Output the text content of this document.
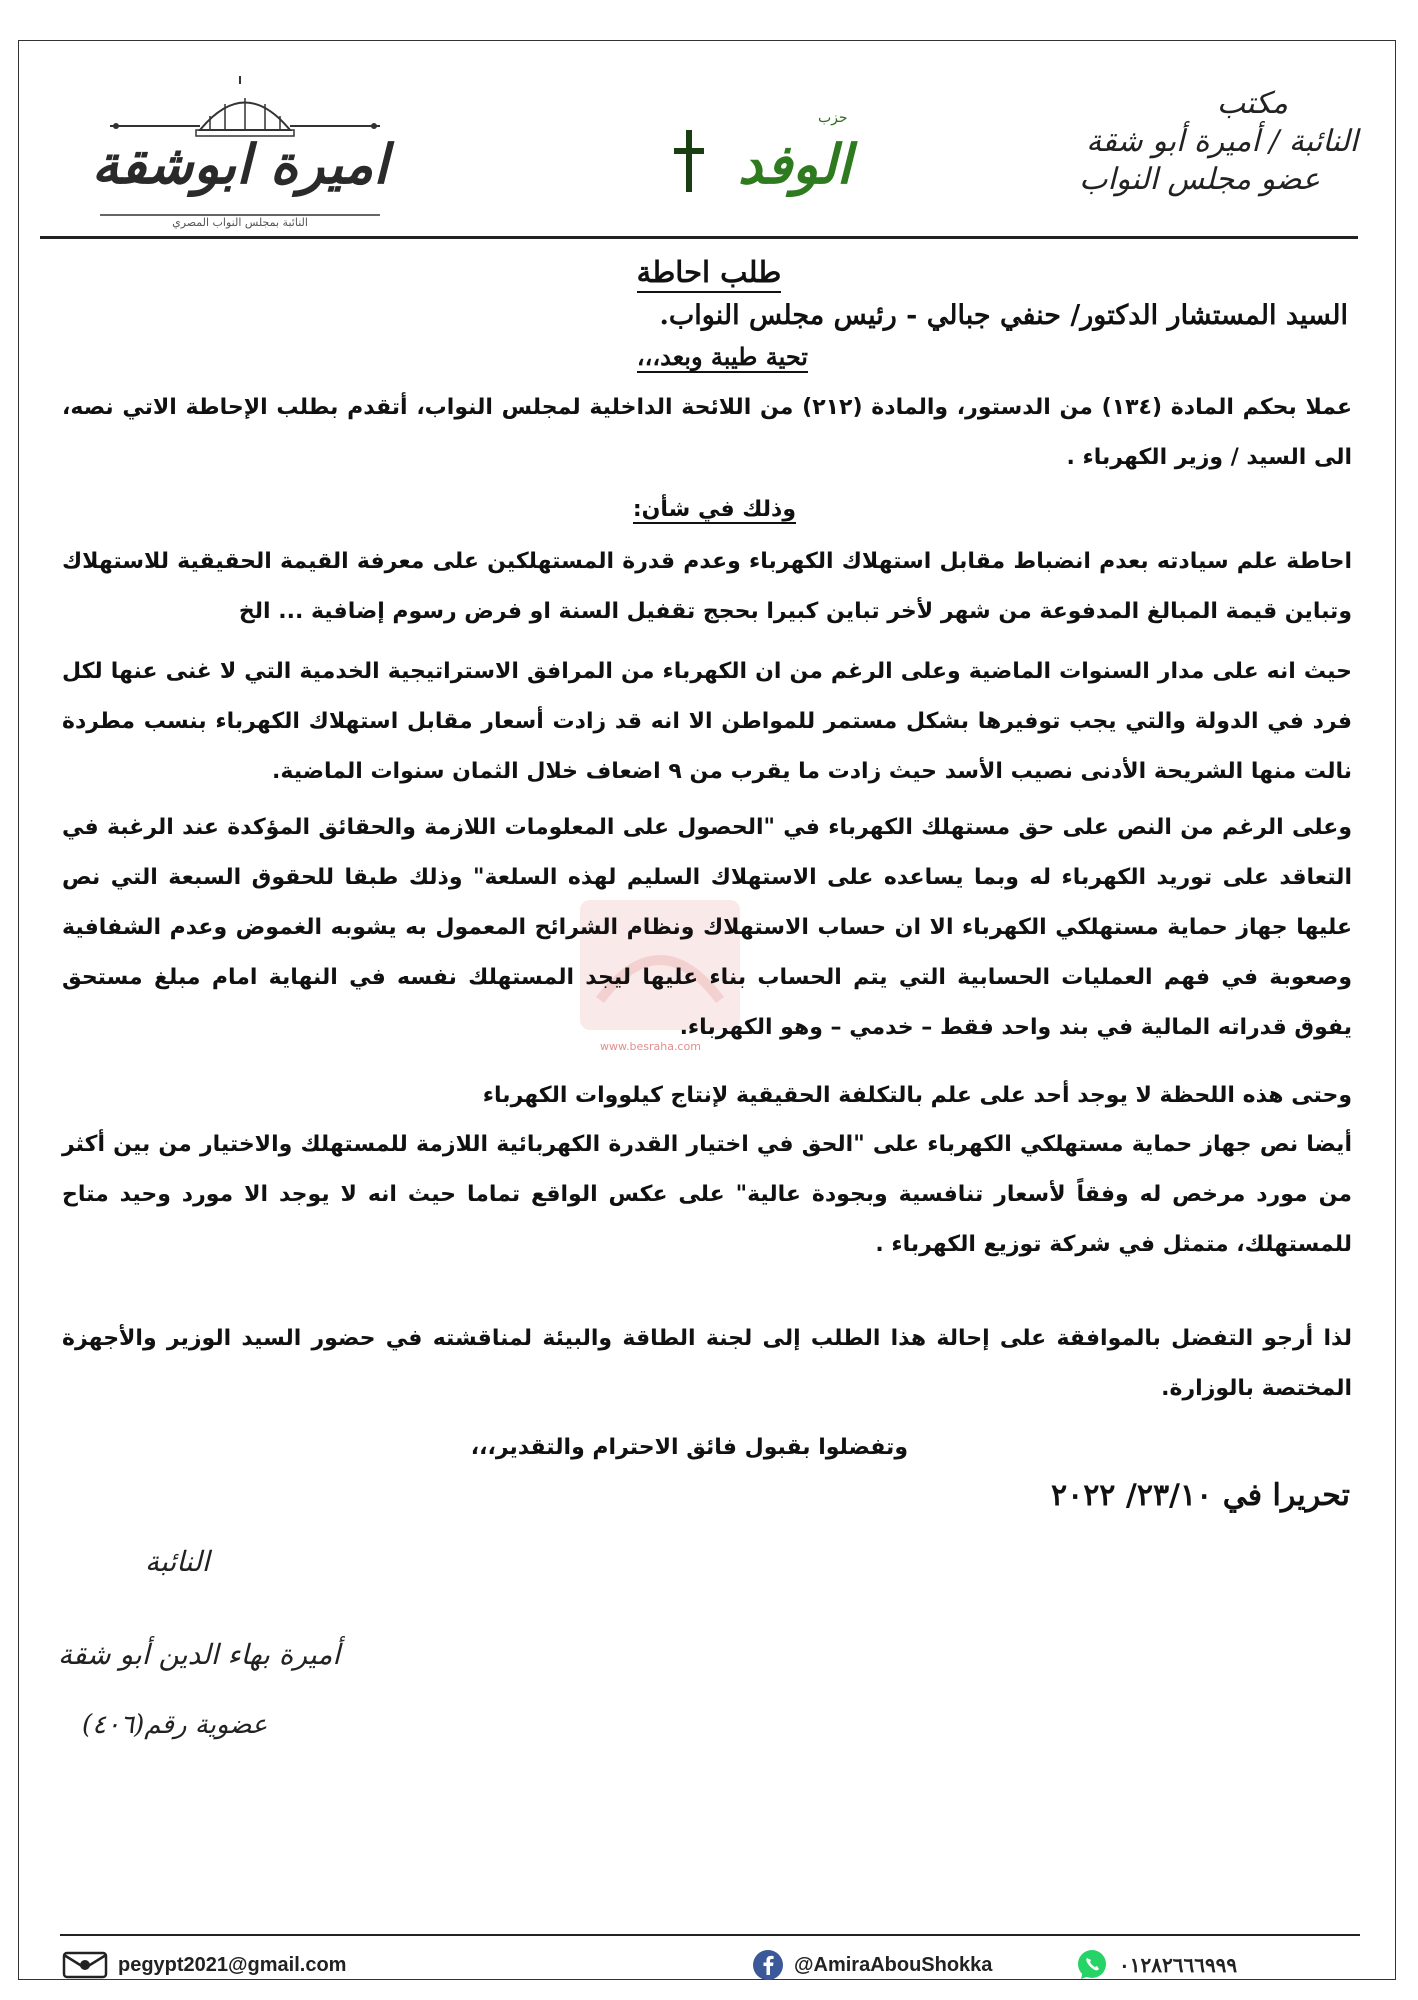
مكتب
النائبة / أميرة أبو شقة
عضو مجلس النواب
حزب
الوفد
اميرة ابوشقة
النائبة بمجلس النواب المصري
www.besraha.com
طلب احاطة
السيد المستشار الدكتور/ حنفي جبالي - رئيس مجلس النواب.
تحية طيبة وبعد،،،
عملا بحكم المادة (١٣٤) من الدستور، والمادة (٢١٢) من اللائحة الداخلية لمجلس النواب، أتقدم بطلب الإحاطة الاتي نصه، الى السيد / وزير الكهرباء .
وذلك في شأن:
احاطة علم سيادته بعدم انضباط مقابل استهلاك الكهرباء وعدم قدرة المستهلكين على معرفة القيمة الحقيقية للاستهلاك وتباين قيمة المبالغ المدفوعة من شهر لأخر تباين كبيرا بحجج تقفيل السنة او فرض رسوم إضافية ... الخ
حيث انه على مدار السنوات الماضية وعلى الرغم من ان الكهرباء من المرافق الاستراتيجية الخدمية التي لا غنى عنها لكل فرد في الدولة والتي يجب توفيرها بشكل مستمر للمواطن الا انه قد زادت أسعار مقابل استهلاك الكهرباء بنسب مطردة نالت منها الشريحة الأدنى نصيب الأسد حيث زادت ما يقرب من ٩ اضعاف خلال الثمان سنوات الماضية.
وعلى الرغم من النص على حق مستهلك الكهرباء في "الحصول على المعلومات اللازمة والحقائق المؤكدة عند الرغبة في التعاقد على توريد الكهرباء له وبما يساعده على الاستهلاك السليم لهذه السلعة" وذلك طبقا للحقوق السبعة التي نص عليها جهاز حماية مستهلكي الكهرباء الا ان حساب الاستهلاك ونظام الشرائح المعمول به يشوبه الغموض وعدم الشفافية وصعوبة في فهم العمليات الحسابية التي يتم الحساب بناء عليها ليجد المستهلك نفسه في النهاية امام مبلغ مستحق يفوق قدراته المالية في بند واحد فقط – خدمي – وهو الكهرباء.
وحتى هذه اللحظة لا يوجد أحد على علم بالتكلفة الحقيقية لإنتاج كيلووات الكهرباء
أيضا نص جهاز حماية مستهلكي الكهرباء على "الحق في اختيار القدرة الكهربائية اللازمة للمستهلك والاختيار من بين أكثر من مورد مرخص له وفقاً لأسعار تنافسية وبجودة عالية" على عكس الواقع تماما حيث انه لا يوجد الا مورد وحيد متاح للمستهلك، متمثل في شركة توزيع الكهرباء .
لذا أرجو التفضل بالموافقة على إحالة هذا الطلب إلى لجنة الطاقة والبيئة لمناقشته في حضور السيد الوزير والأجهزة المختصة بالوزارة.
وتفضلوا بقبول فائق الاحترام والتقدير،،،
تحريرا في ٢٣/١٠/ ٢٠٢٢
النائبة
أميرة بهاء الدين أبو شقة
عضوية رقم(٤٠٦)
pegypt2021@gmail.com	@AmiraAbouShokka	٠١٢٨٢٦٦٦٩٩٩
